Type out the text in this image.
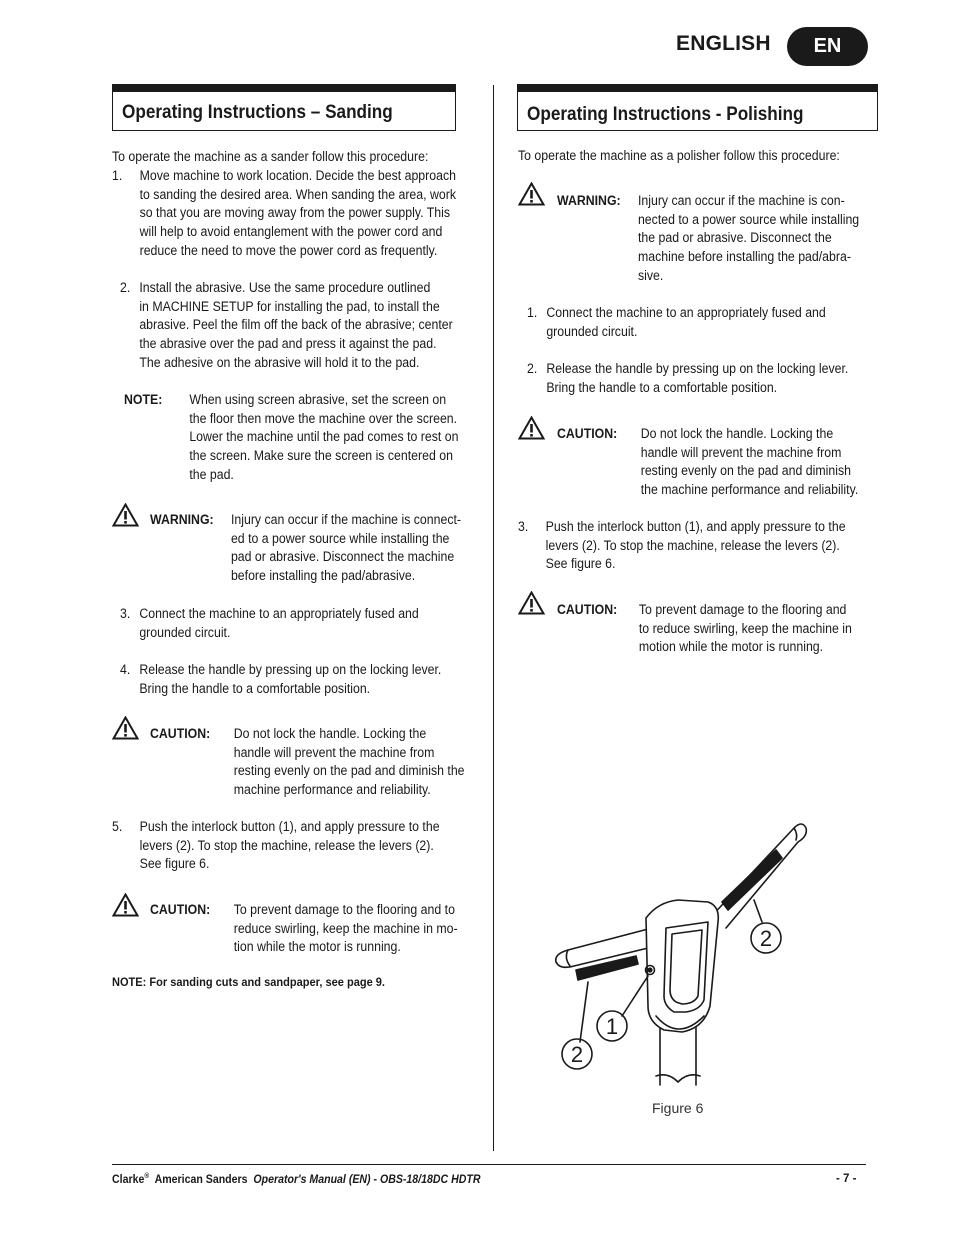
ENGLISH	EN
Operating Instructions – Sanding	Operating Instructions - Polishing
To operate the machine as a sander follow this procedure:
1.	Move machine to work location. Decide the best approach
to sanding the desired area. When sanding the area, work
so that you are moving away from the power supply. This
will help to avoid entanglement with the power cord and
reduce the need to move the power cord as frequently.
2. Install the abrasive. Use the same procedure outlined
in MACHINE SETUP for installing the pad, to install the
abrasive. Peel the film off the back of the abrasive; center
the abrasive over the pad and press it against the pad.
The adhesive on the abrasive will hold it to the pad.
NOTE:	When using screen abrasive, set the screen on
the floor then move the machine over the screen.
Lower the machine until the pad comes to rest on
the screen. Make sure the screen is centered on
the pad.
WARNING:	Injury can occur if the machine is connect-
ed to a power source while installing the
pad or abrasive. Disconnect the machine
before installing the pad/abrasive.
3. Connect the machine to an appropriately fused and
grounded circuit.
4. Release the handle by pressing up on the locking lever.
Bring the handle to a comfortable position.
CAUTION:	Do not lock the handle. Locking the
handle will prevent the machine from
resting evenly on the pad and diminish the
machine performance and reliability.
5.	Push the interlock button (1), and apply pressure to the
levers (2). To stop the machine, release the levers (2).
See figure 6.
CAUTION:	To prevent damage to the flooring and to
reduce swirling, keep the machine in mo-
tion while the motor is running.
NOTE: For sanding cuts and sandpaper, see page 9.
To operate the machine as a polisher follow this procedure:
WARNING:	Injury can occur if the machine is con-
nected to a power source while installing
the pad or abrasive. Disconnect the
machine before installing the pad/abra-
sive.
1. Connect the machine to an appropriately fused and
grounded circuit.
2. Release the handle by pressing up on the locking lever.
Bring the handle to a comfortable position.
CAUTION:	Do not lock the handle. Locking the
handle will prevent the machine from
resting evenly on the pad and diminish
the machine performance and reliability.
3.	Push the interlock button (1), and apply pressure to the
levers (2). To stop the machine, release the levers (2).
See figure 6.
CAUTION:	To prevent damage to the flooring and
to reduce swirling, keep the machine in
motion while the motor is running.
1
2
2
Figure 6
Clarke® American Sanders Operator's Manual (EN) - OBS-18/18DC HDTR	- 7 -
